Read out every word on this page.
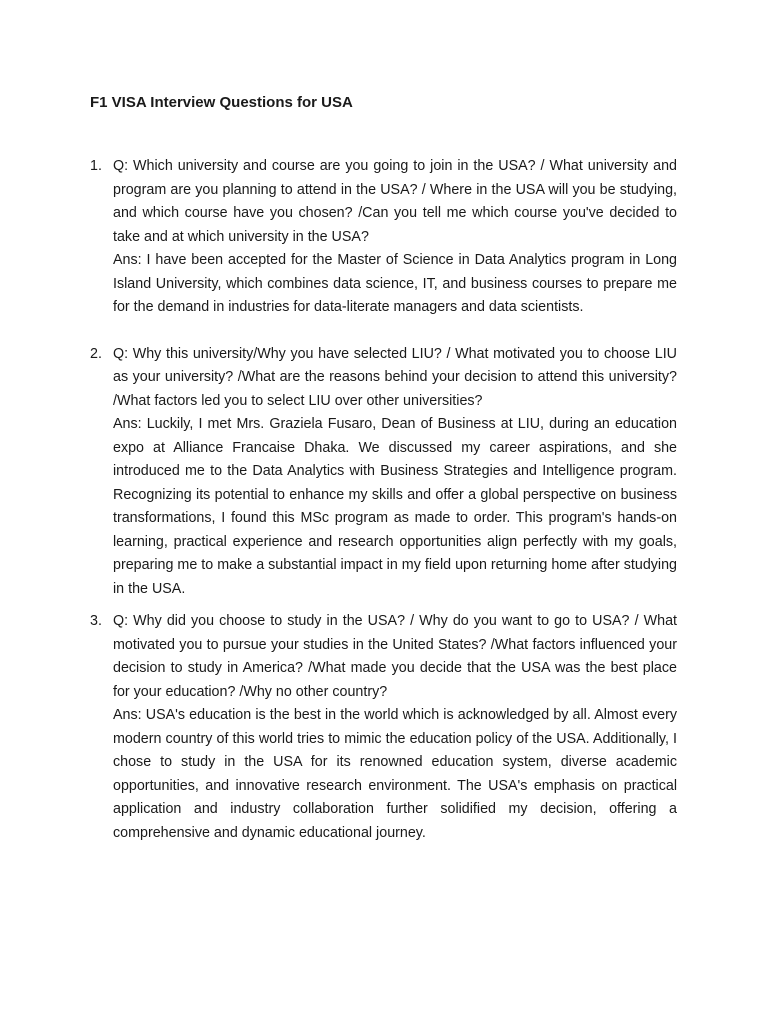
F1 VISA Interview Questions for USA
1. Q: Which university and course are you going to join in the USA? / What university and program are you planning to attend in the USA? / Where in the USA will you be studying, and which course have you chosen? /Can you tell me which course you've decided to take and at which university in the USA?
Ans: I have been accepted for the Master of Science in Data Analytics program in Long Island University, which combines data science, IT, and business courses to prepare me for the demand in industries for data-literate managers and data scientists.
2. Q: Why this university/Why you have selected LIU? / What motivated you to choose LIU as your university? /What are the reasons behind your decision to attend this university? /What factors led you to select LIU over other universities?
Ans: Luckily, I met Mrs. Graziela Fusaro, Dean of Business at LIU, during an education expo at Alliance Francaise Dhaka. We discussed my career aspirations, and she introduced me to the Data Analytics with Business Strategies and Intelligence program. Recognizing its potential to enhance my skills and offer a global perspective on business transformations, I found this MSc program as made to order. This program's hands-on learning, practical experience and research opportunities align perfectly with my goals, preparing me to make a substantial impact in my field upon returning home after studying in the USA.
3. Q: Why did you choose to study in the USA? / Why do you want to go to USA? / What motivated you to pursue your studies in the United States? /What factors influenced your decision to study in America? /What made you decide that the USA was the best place for your education? /Why no other country?
Ans: USA's education is the best in the world which is acknowledged by all. Almost every modern country of this world tries to mimic the education policy of the USA. Additionally, I chose to study in the USA for its renowned education system, diverse academic opportunities, and innovative research environment. The USA's emphasis on practical application and industry collaboration further solidified my decision, offering a comprehensive and dynamic educational journey.
